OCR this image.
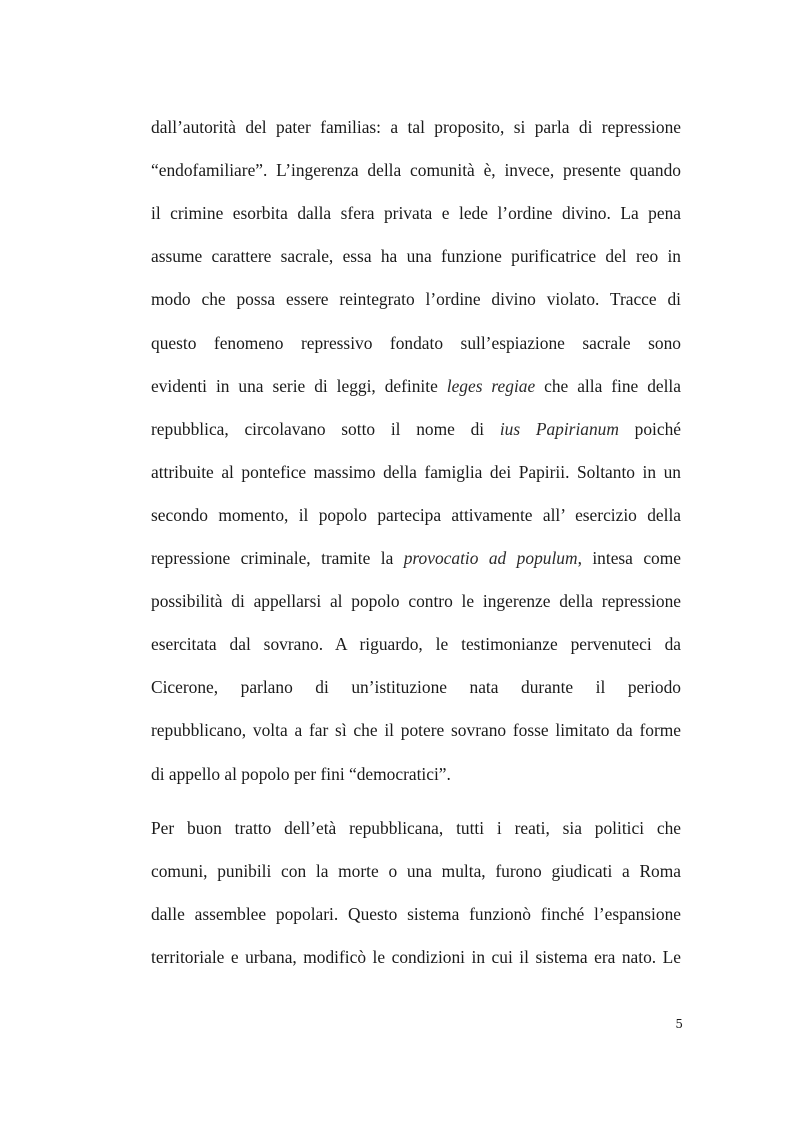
dall’autorità del pater familias: a tal proposito, si parla di repressione

“endofamiliare”. L’ingerenza della comunità è, invece, presente quando

il crimine esorbita dalla sfera privata e lede l’ordine divino. La pena

assume carattere sacrale, essa ha una funzione purificatrice del reo in

modo che possa essere reintegrato l’ordine divino violato. Tracce di

questo fenomeno repressivo fondato sull’espiazione sacrale sono

evidenti in una serie di leggi, definite leges regiae che alla fine della

repubblica, circolavano sotto il nome di ius Papirianum poiché

attribuite al pontefice massimo della famiglia dei Papirii. Soltanto in un

secondo momento, il popolo partecipa attivamente all’ esercizio della

repressione criminale, tramite la provocatio ad populum, intesa come

possibilità di appellarsi al popolo contro le ingerenze della repressione

esercitata dal sovrano. A riguardo, le testimonianze pervenuteci da

Cicerone, parlano di un’istituzione nata durante il periodo

repubblicano, volta a far sì che il potere sovrano fosse limitato da forme

di appello al popolo per fini “democratici”.

Per buon tratto dell’età repubblicana, tutti i reati, sia politici che

comuni, punibili con la morte o una multa, furono giudicati a Roma

dalle assemblee popolari. Questo sistema funzionò finché l’espansione

territoriale e urbana, modificò le condizioni in cui il sistema era nato. Le

5
